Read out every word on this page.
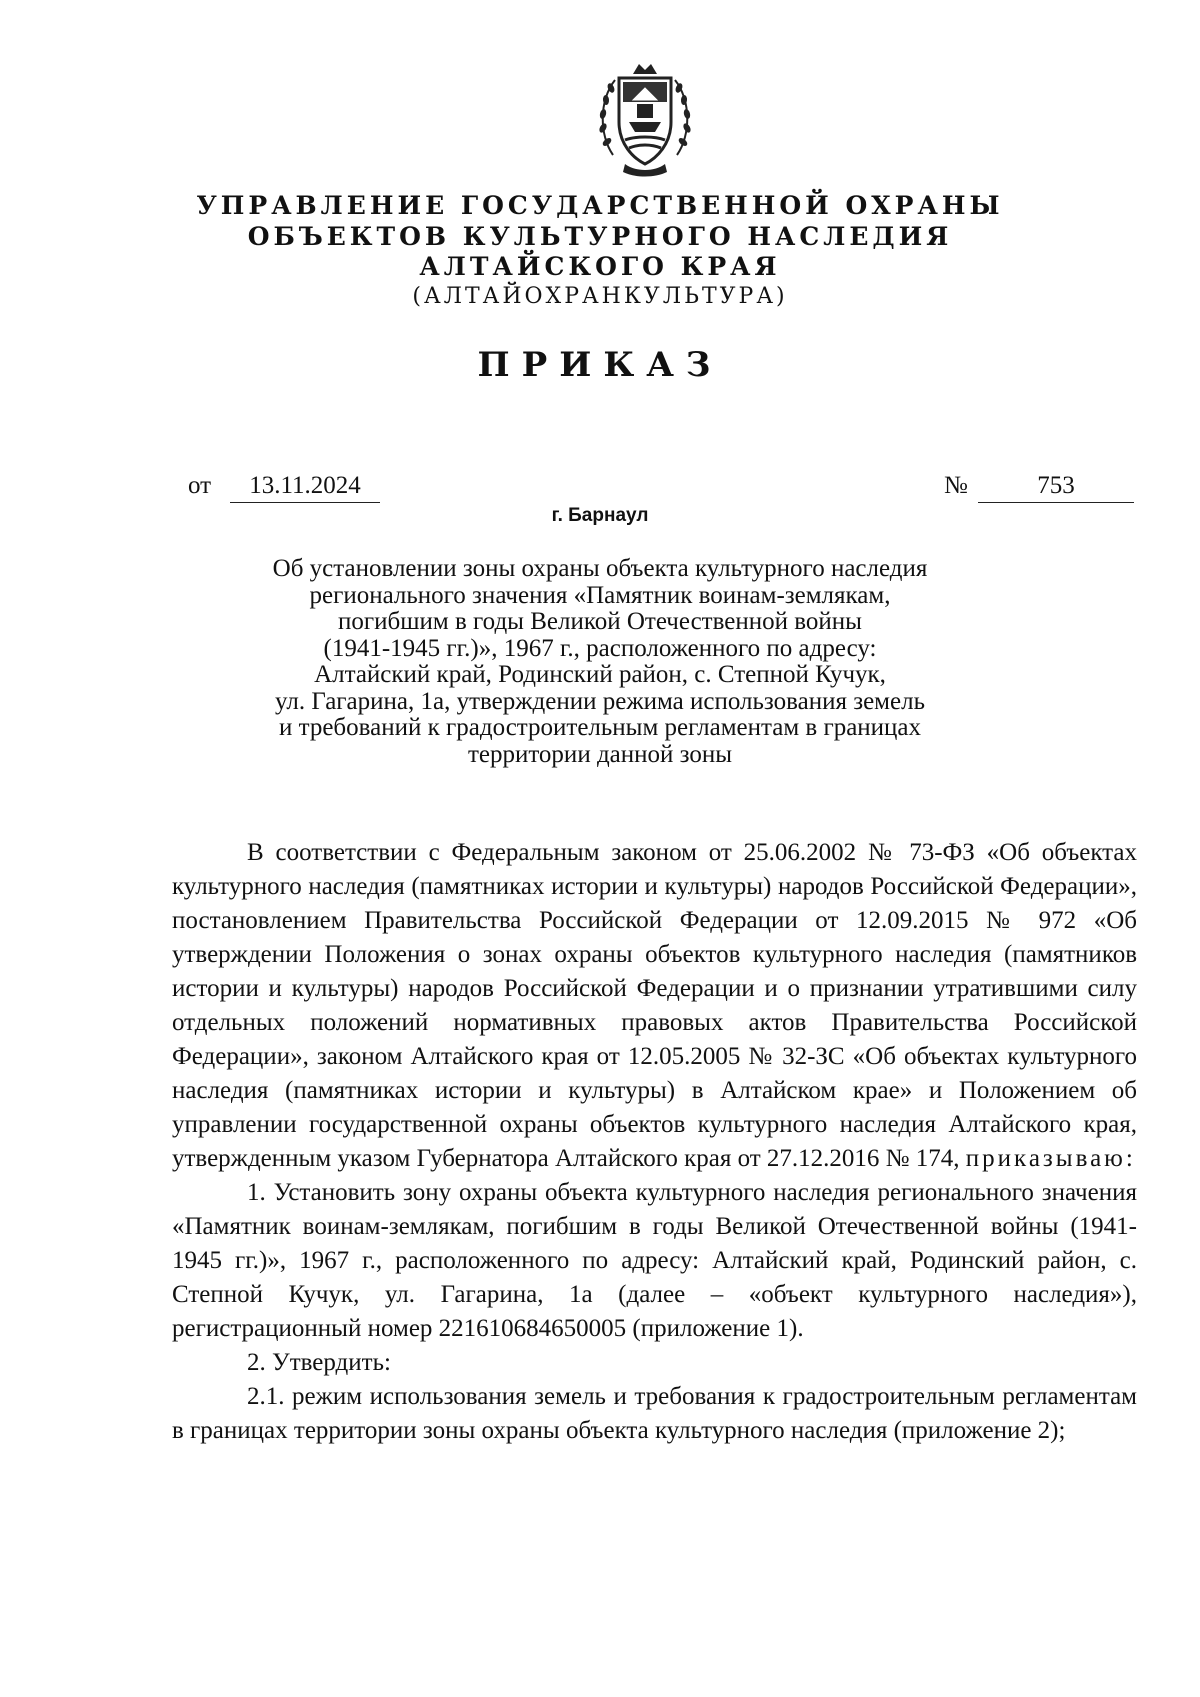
УПРАВЛЕНИЕ ГОСУДАРСТВЕННОЙ ОХРАНЫ
ОБЪЕКТОВ КУЛЬТУРНОГО НАСЛЕДИЯ
АЛТАЙСКОГО КРАЯ
(АЛТАЙОХРАНКУЛЬТУРА)
ПРИКАЗ
от	13.11.2024	№	753
г. Барнаул
Об установлении зоны охраны объекта культурного наследия
регионального значения «Памятник воинам-землякам,
погибшим в годы Великой Отечественной войны
(1941-1945 гг.)», 1967 г., расположенного по адресу:
Алтайский край, Родинский район, с. Степной Кучук,
ул. Гагарина, 1а, утверждении режима использования земель
и требований к градостроительным регламентам в границах
территории данной зоны

В соответствии с Федеральным законом от 25.06.2002 № 73-ФЗ «Об объектах культурного наследия (памятниках истории и культуры) народов Российской Федерации», постановлением Правительства Российской Федерации от 12.09.2015 № 972 «Об утверждении Положения о зонах охраны объектов культурного наследия (памятников истории и культуры) народов Российской Федерации и о признании утратившими силу отдельных положений нормативных правовых актов Правительства Российской Федерации», законом Алтайского края от 12.05.2005 № 32-ЗС «Об объектах культурного наследия (памятниках истории и культуры) в Алтайском крае» и Положением об управлении государственной охраны объектов культурного наследия Алтайского края, утвержденным указом Губернатора Алтайского края от 27.12.2016 № 174, приказываю:

1. Установить зону охраны объекта культурного наследия регионального значения «Памятник воинам-землякам, погибшим в годы Великой Отечественной войны (1941-1945 гг.)», 1967 г., расположенного по адресу: Алтайский край, Родинский район, с. Степной Кучук, ул. Гагарина, 1а (далее – «объект культурного наследия»), регистрационный номер 221610684650005 (приложение 1).

2. Утвердить:

2.1. режим использования земель и требования к градостроительным регламентам в границах территории зоны охраны объекта культурного наследия (приложение 2);
